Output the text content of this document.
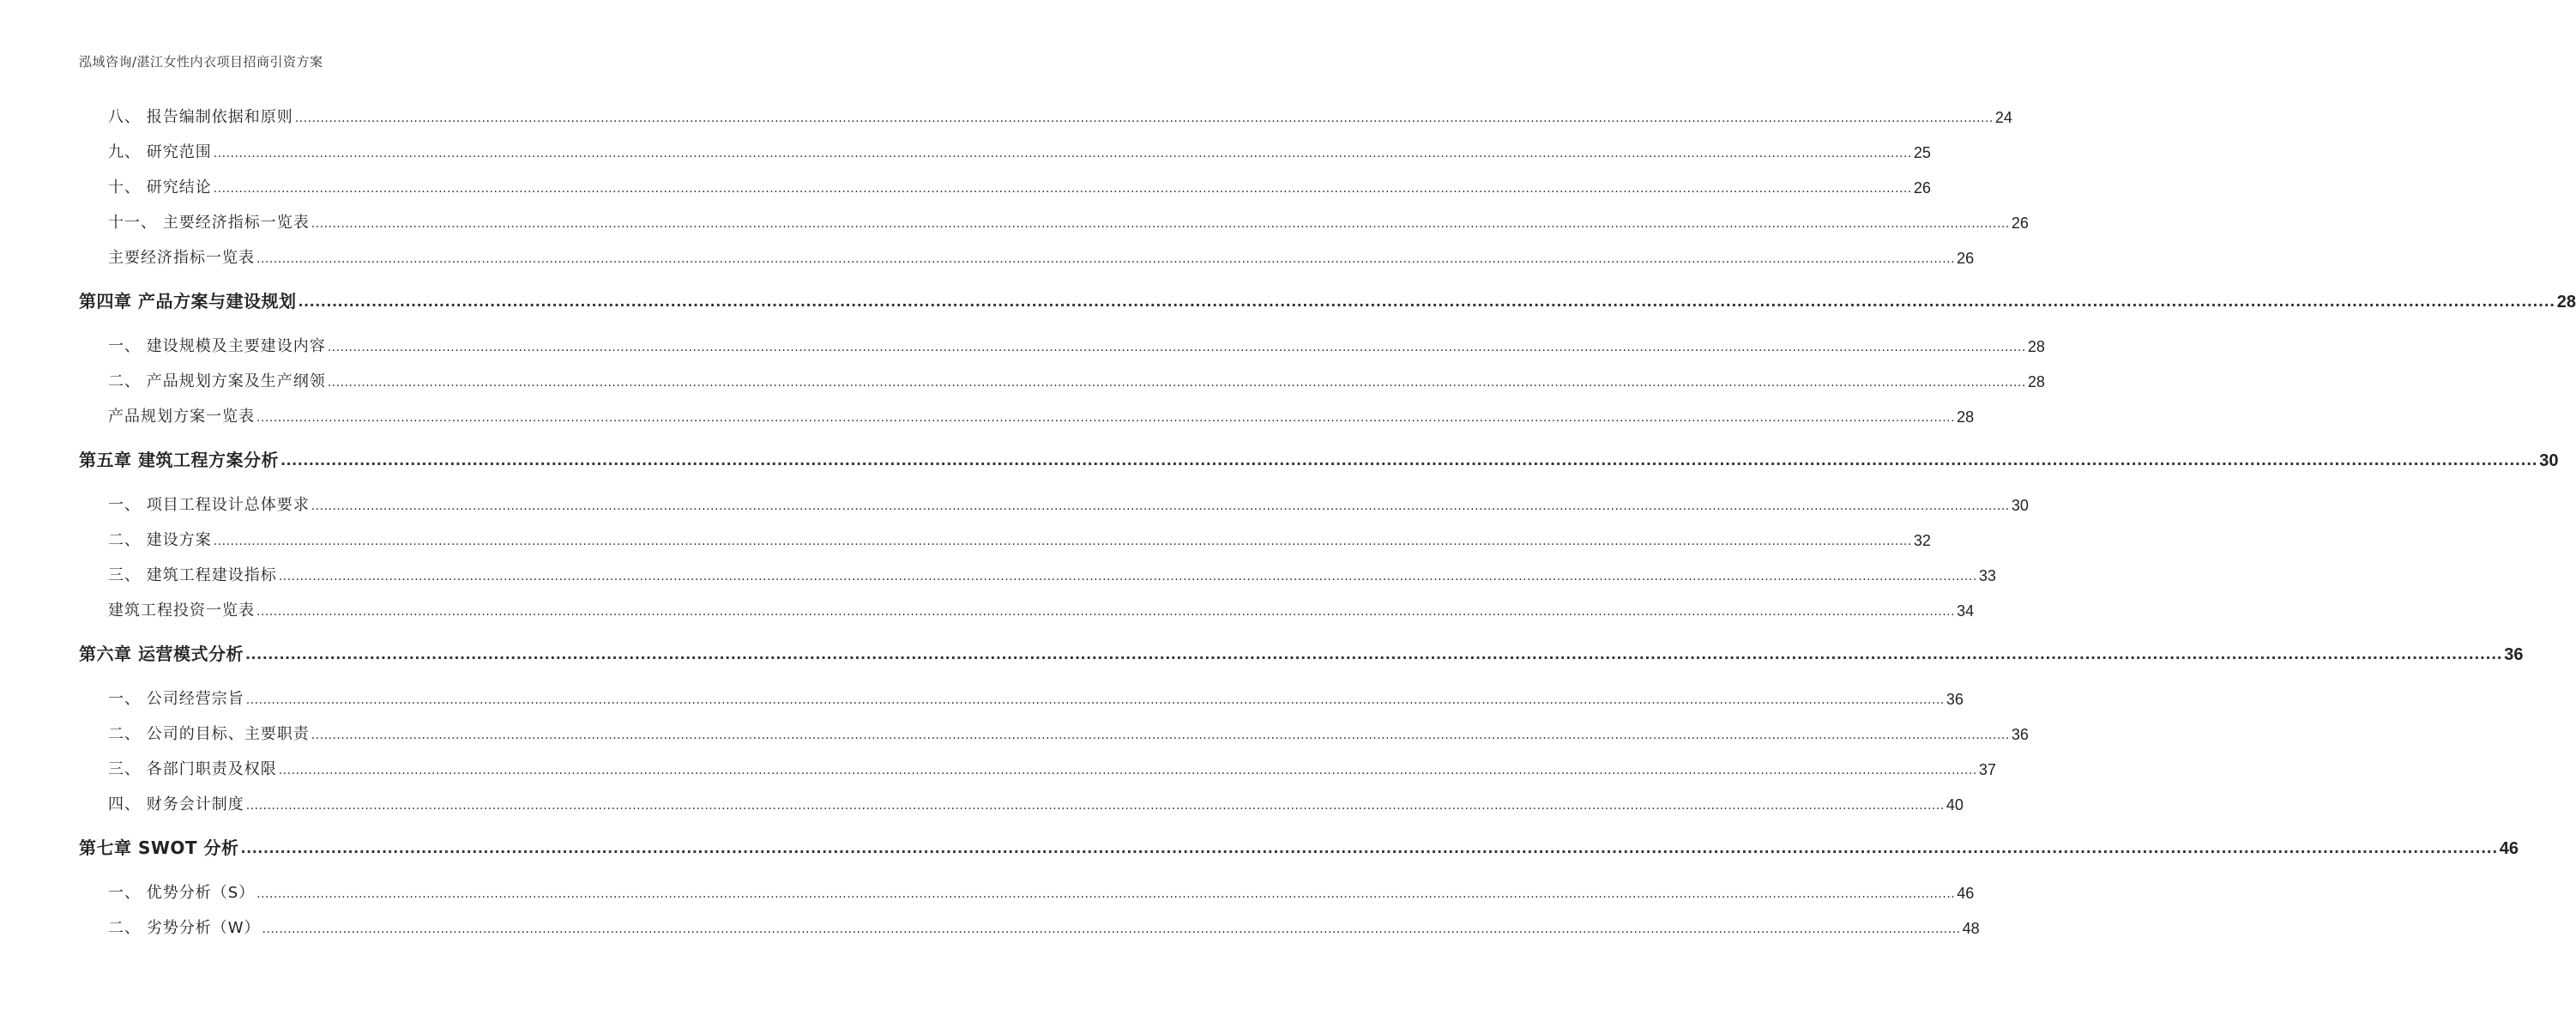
泓域咨询/湛江女性内衣项目招商引资方案
八、 报告编制依据和原则 ................................................................................................................................................................................................................................................................................................................................................................................................................ 24
九、 研究范围 ................................................................................................................................................................................................................................................................................................................................................................................................................ 25
十、 研究结论 ................................................................................................................................................................................................................................................................................................................................................................................................................ 26
十一、 主要经济指标一览表 ................................................................................................................................................................................................................................................................................................................................................................................................................ 26
主要经济指标一览表 ................................................................................................................................................................................................................................................................................................................................................................................................................ 26
第四章 产品方案与建设规划 ................................................................................................................................................................................................................................................................................................................................................................................................................ 28
一、 建设规模及主要建设内容 ................................................................................................................................................................................................................................................................................................................................................................................................................ 28
二、 产品规划方案及生产纲领 ................................................................................................................................................................................................................................................................................................................................................................................................................ 28
产品规划方案一览表 ................................................................................................................................................................................................................................................................................................................................................................................................................ 28
第五章 建筑工程方案分析 ................................................................................................................................................................................................................................................................................................................................................................................................................ 30
一、 项目工程设计总体要求 ................................................................................................................................................................................................................................................................................................................................................................................................................ 30
二、 建设方案 ................................................................................................................................................................................................................................................................................................................................................................................................................ 32
三、 建筑工程建设指标 ................................................................................................................................................................................................................................................................................................................................................................................................................ 33
建筑工程投资一览表 ................................................................................................................................................................................................................................................................................................................................................................................................................ 34
第六章 运营模式分析 ................................................................................................................................................................................................................................................................................................................................................................................................................ 36
一、 公司经营宗旨 ................................................................................................................................................................................................................................................................................................................................................................................................................ 36
二、 公司的目标、主要职责 ................................................................................................................................................................................................................................................................................................................................................................................................................ 36
三、 各部门职责及权限 ................................................................................................................................................................................................................................................................................................................................................................................................................ 37
四、 财务会计制度 ................................................................................................................................................................................................................................................................................................................................................................................................................ 40
第七章 SWOT 分析 ................................................................................................................................................................................................................................................................................................................................................................................................................ 46
一、 优势分析（S） ................................................................................................................................................................................................................................................................................................................................................................................................................ 46
二、 劣势分析（W） ................................................................................................................................................................................................................................................................................................................................................................................................................ 48
